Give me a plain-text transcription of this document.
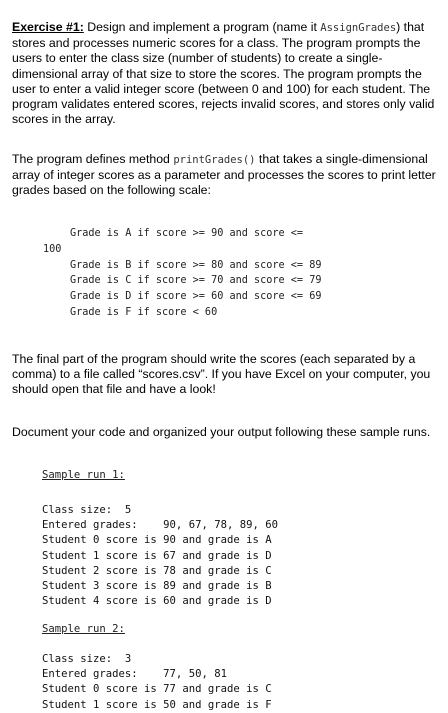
Exercise #1: Design and implement a program (name it AssignGrades) that stores and processes numeric scores for a class. The program prompts the users to enter the class size (number of students) to create a single-dimensional array of that size to store the scores. The program prompts the user to enter a valid integer score (between 0 and 100) for each student. The program validates entered scores, rejects invalid scores, and stores only valid scores in the array.

The program defines method printGrades() that takes a single-dimensional array of integer scores as a parameter and processes the scores to print letter grades based on the following scale:

Grade is A if score >= 90 and score <=
100
Grade is B if score >= 80 and score <= 89
Grade is C if score >= 70 and score <= 79
Grade is D if score >= 60 and score <= 69
Grade is F if score < 60

The final part of the program should write the scores (each separated by a comma) to a file called “scores.csv”. If you have Excel on your computer, you should open that file and have a look!

Document your code and organized your output following these sample runs.

Sample run 1:

Class size:  5
Entered grades:    90, 67, 78, 89, 60
Student 0 score is 90 and grade is A
Student 1 score is 67 and grade is D
Student 2 score is 78 and grade is C
Student 3 score is 89 and grade is B
Student 4 score is 60 and grade is D

Sample run 2:

Class size:  3
Entered grades:    77, 50, 81
Student 0 score is 77 and grade is C
Student 1 score is 50 and grade is F
